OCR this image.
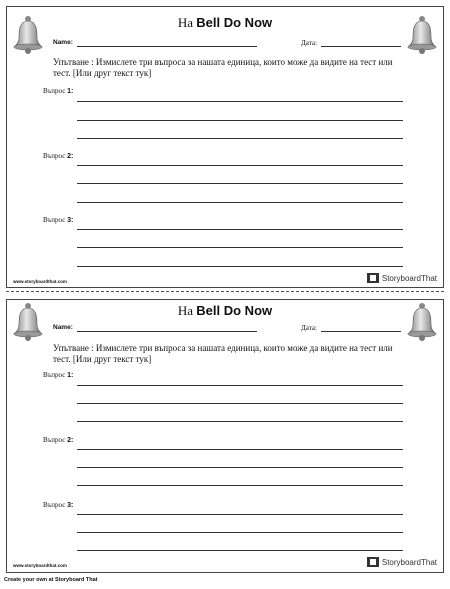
На Bell Do Now
Name:	Дата:
Упътване : Измислете три въпроса за нашата единица, които може да видите на тест или тест. [Или друг текст тук]
Въпрос 1:
Въпрос 2:
Въпрос 3:
www.storyboardthat.com	StoryboardThat
На Bell Do Now
Name:	Дата:
Упътване : Измислете три въпроса за нашата единица, които може да видите на тест или тест. [Или друг текст тук]
Въпрос 1:
Въпрос 2:
Въпрос 3:
www.storyboardthat.com	StoryboardThat
Create your own at Storyboard That
